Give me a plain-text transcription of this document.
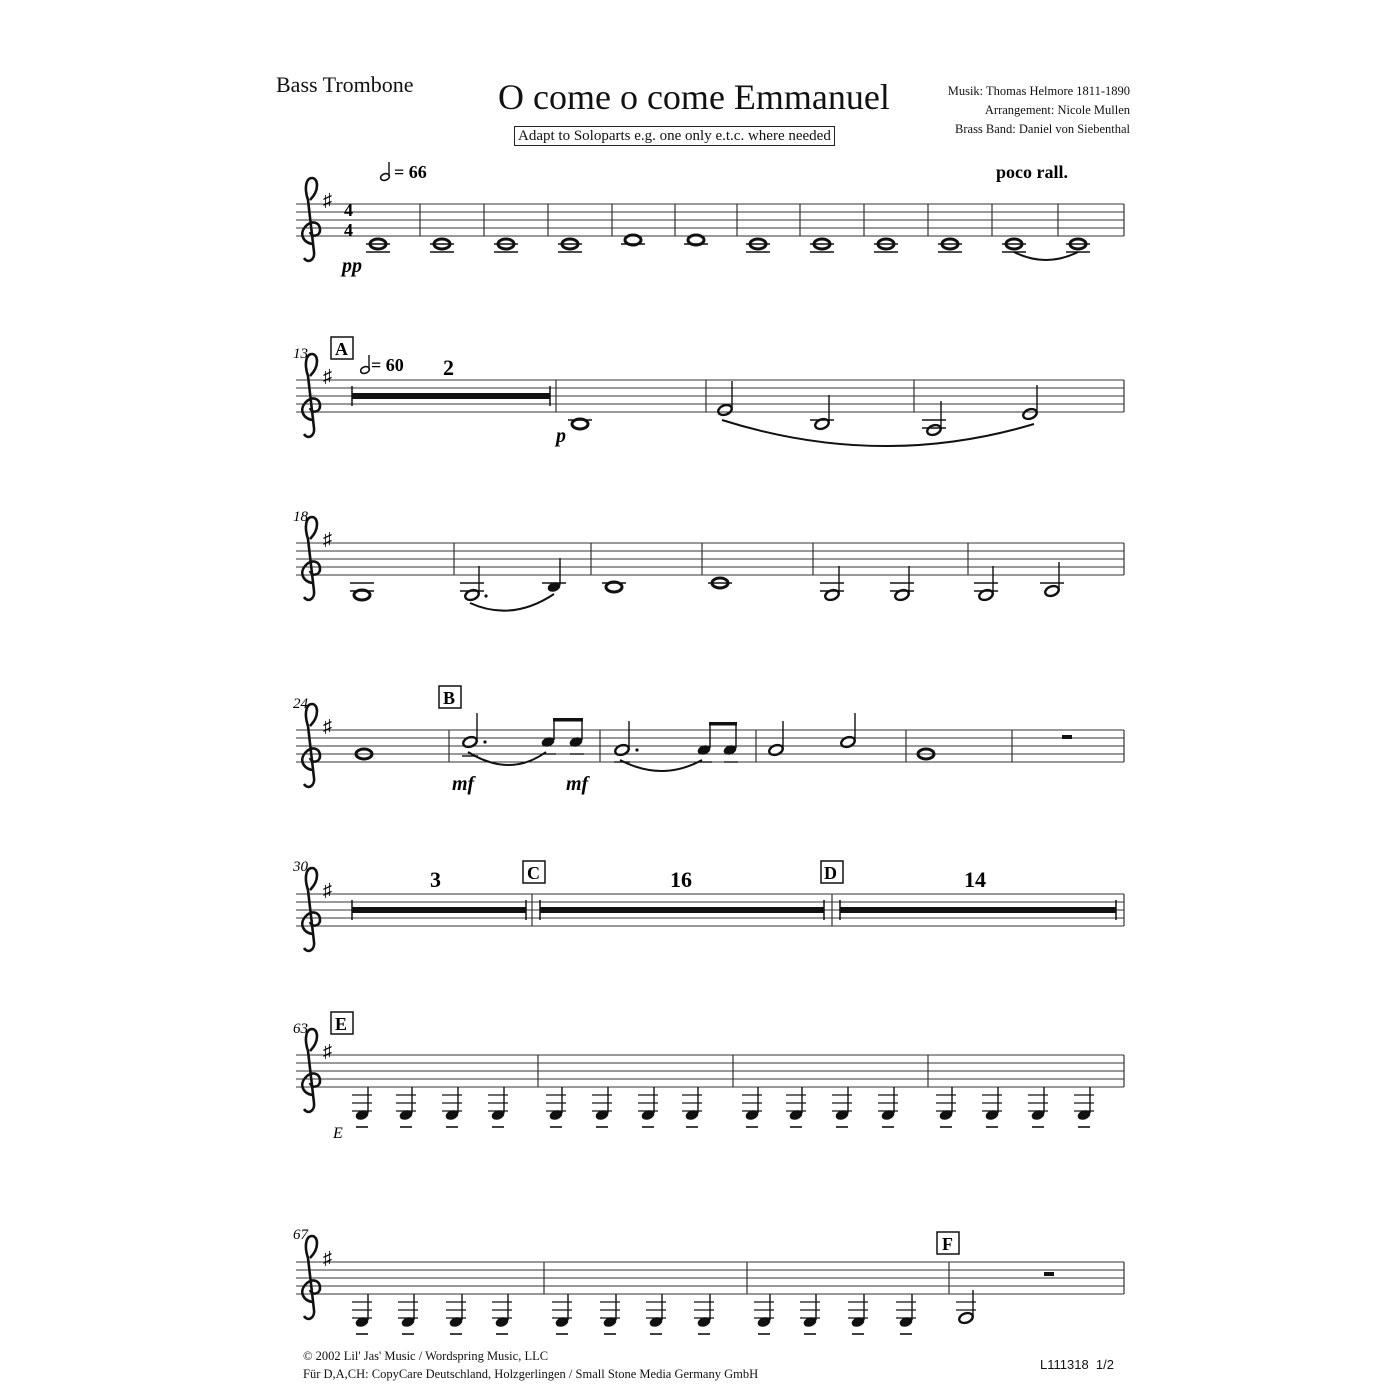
Bass Trombone O come o come Emmanuel
Adapt to Soloparts e.g. one only e.t.c. where needed
Musik: Thomas Helmore 1811-1890
Arrangement: Nicole Mullen
Brass Band: Daniel von Siebenthal
♯ 4
4
= 66	poco rall.
pp
♯	2
13 A
= 60
p
♯
18
♯
24	B
mf	mf
♯
30	3	C	16	D	14
♯
63 E
E
♯
67	F
© 2002 Lil' Jas' Music / Wordspring Music, LLC
Für D,A,CH: CopyCare Deutschland, Holzgerlingen / Small Stone Media Germany GmbH
L111318 1/2
